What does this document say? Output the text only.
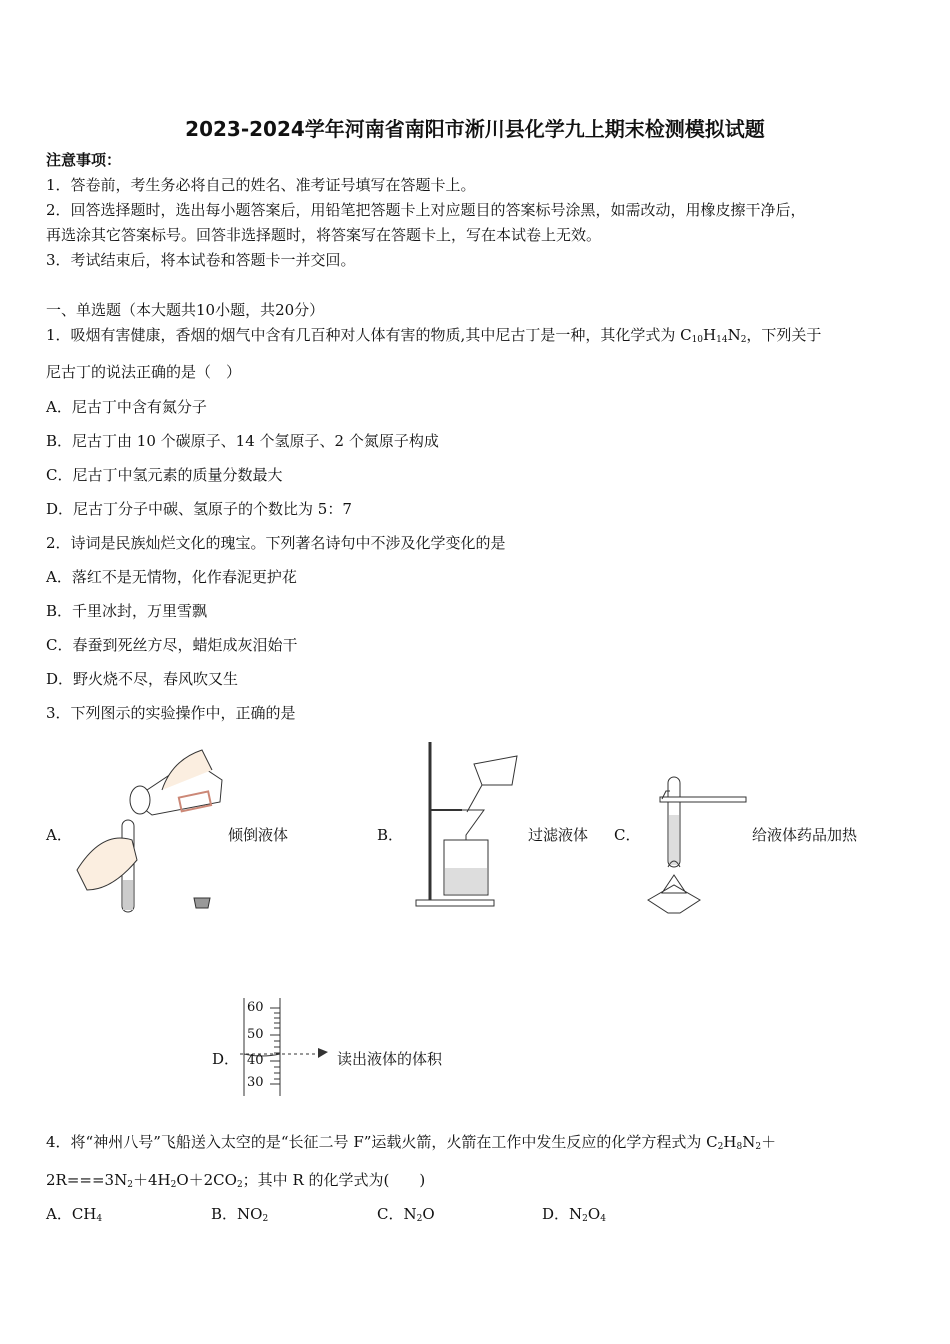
2023-2024学年河南省南阳市淅川县化学九上期末检测模拟试题
注意事项：
1．答卷前，考生务必将自己的姓名、准考证号填写在答题卡上。
2．回答选择题时，选出每小题答案后，用铅笔把答题卡上对应题目的答案标号涂黑，如需改动，用橡皮擦干净后，
再选涂其它答案标号。回答非选择题时，将答案写在答题卡上，写在本试卷上无效。
3．考试结束后，将本试卷和答题卡一并交回。
一、单选题（本大题共10小题，共20分）
1．吸烟有害健康，香烟的烟气中含有几百种对人体有害的物质,其中尼古丁是一种，其化学式为 $C_{10}H_{14}N_2$，下列关于
尼古丁的说法正确的是（　）
A．尼古丁中含有氮分子
B．尼古丁由 10 个碳原子、14 个氢原子、2 个氮原子构成
C．尼古丁中氢元素的质量分数最大
D．尼古丁分子中碳、氢原子的个数比为 5：7
2．诗词是民族灿烂文化的瑰宝。下列著名诗句中不涉及化学变化的是
A．落红不是无情物，化作春泥更护花
B．千里冰封，万里雪飘
C．春蚕到死丝方尽，蜡炬成灰泪始干
D．野火烧不尽，春风吹又生
3．下列图示的实验操作中，正确的是
A．	倾倒液体	B．	过滤液体 C．	给液体药品加热
D．
60
50
40
30
读出液体的体积
4．将“神州八号”飞船送入太空的是“长征二号 F”运载火箭，火箭在工作中发生反应的化学方程式为 $C_2H_8N_2+$
$2R===3N_2+4H_2O+2CO_2$；其中 R 的化学式为(　　)
A．$CH_4$	B．$NO_2$	C．$N_2O$	D．$N_2O_4$
